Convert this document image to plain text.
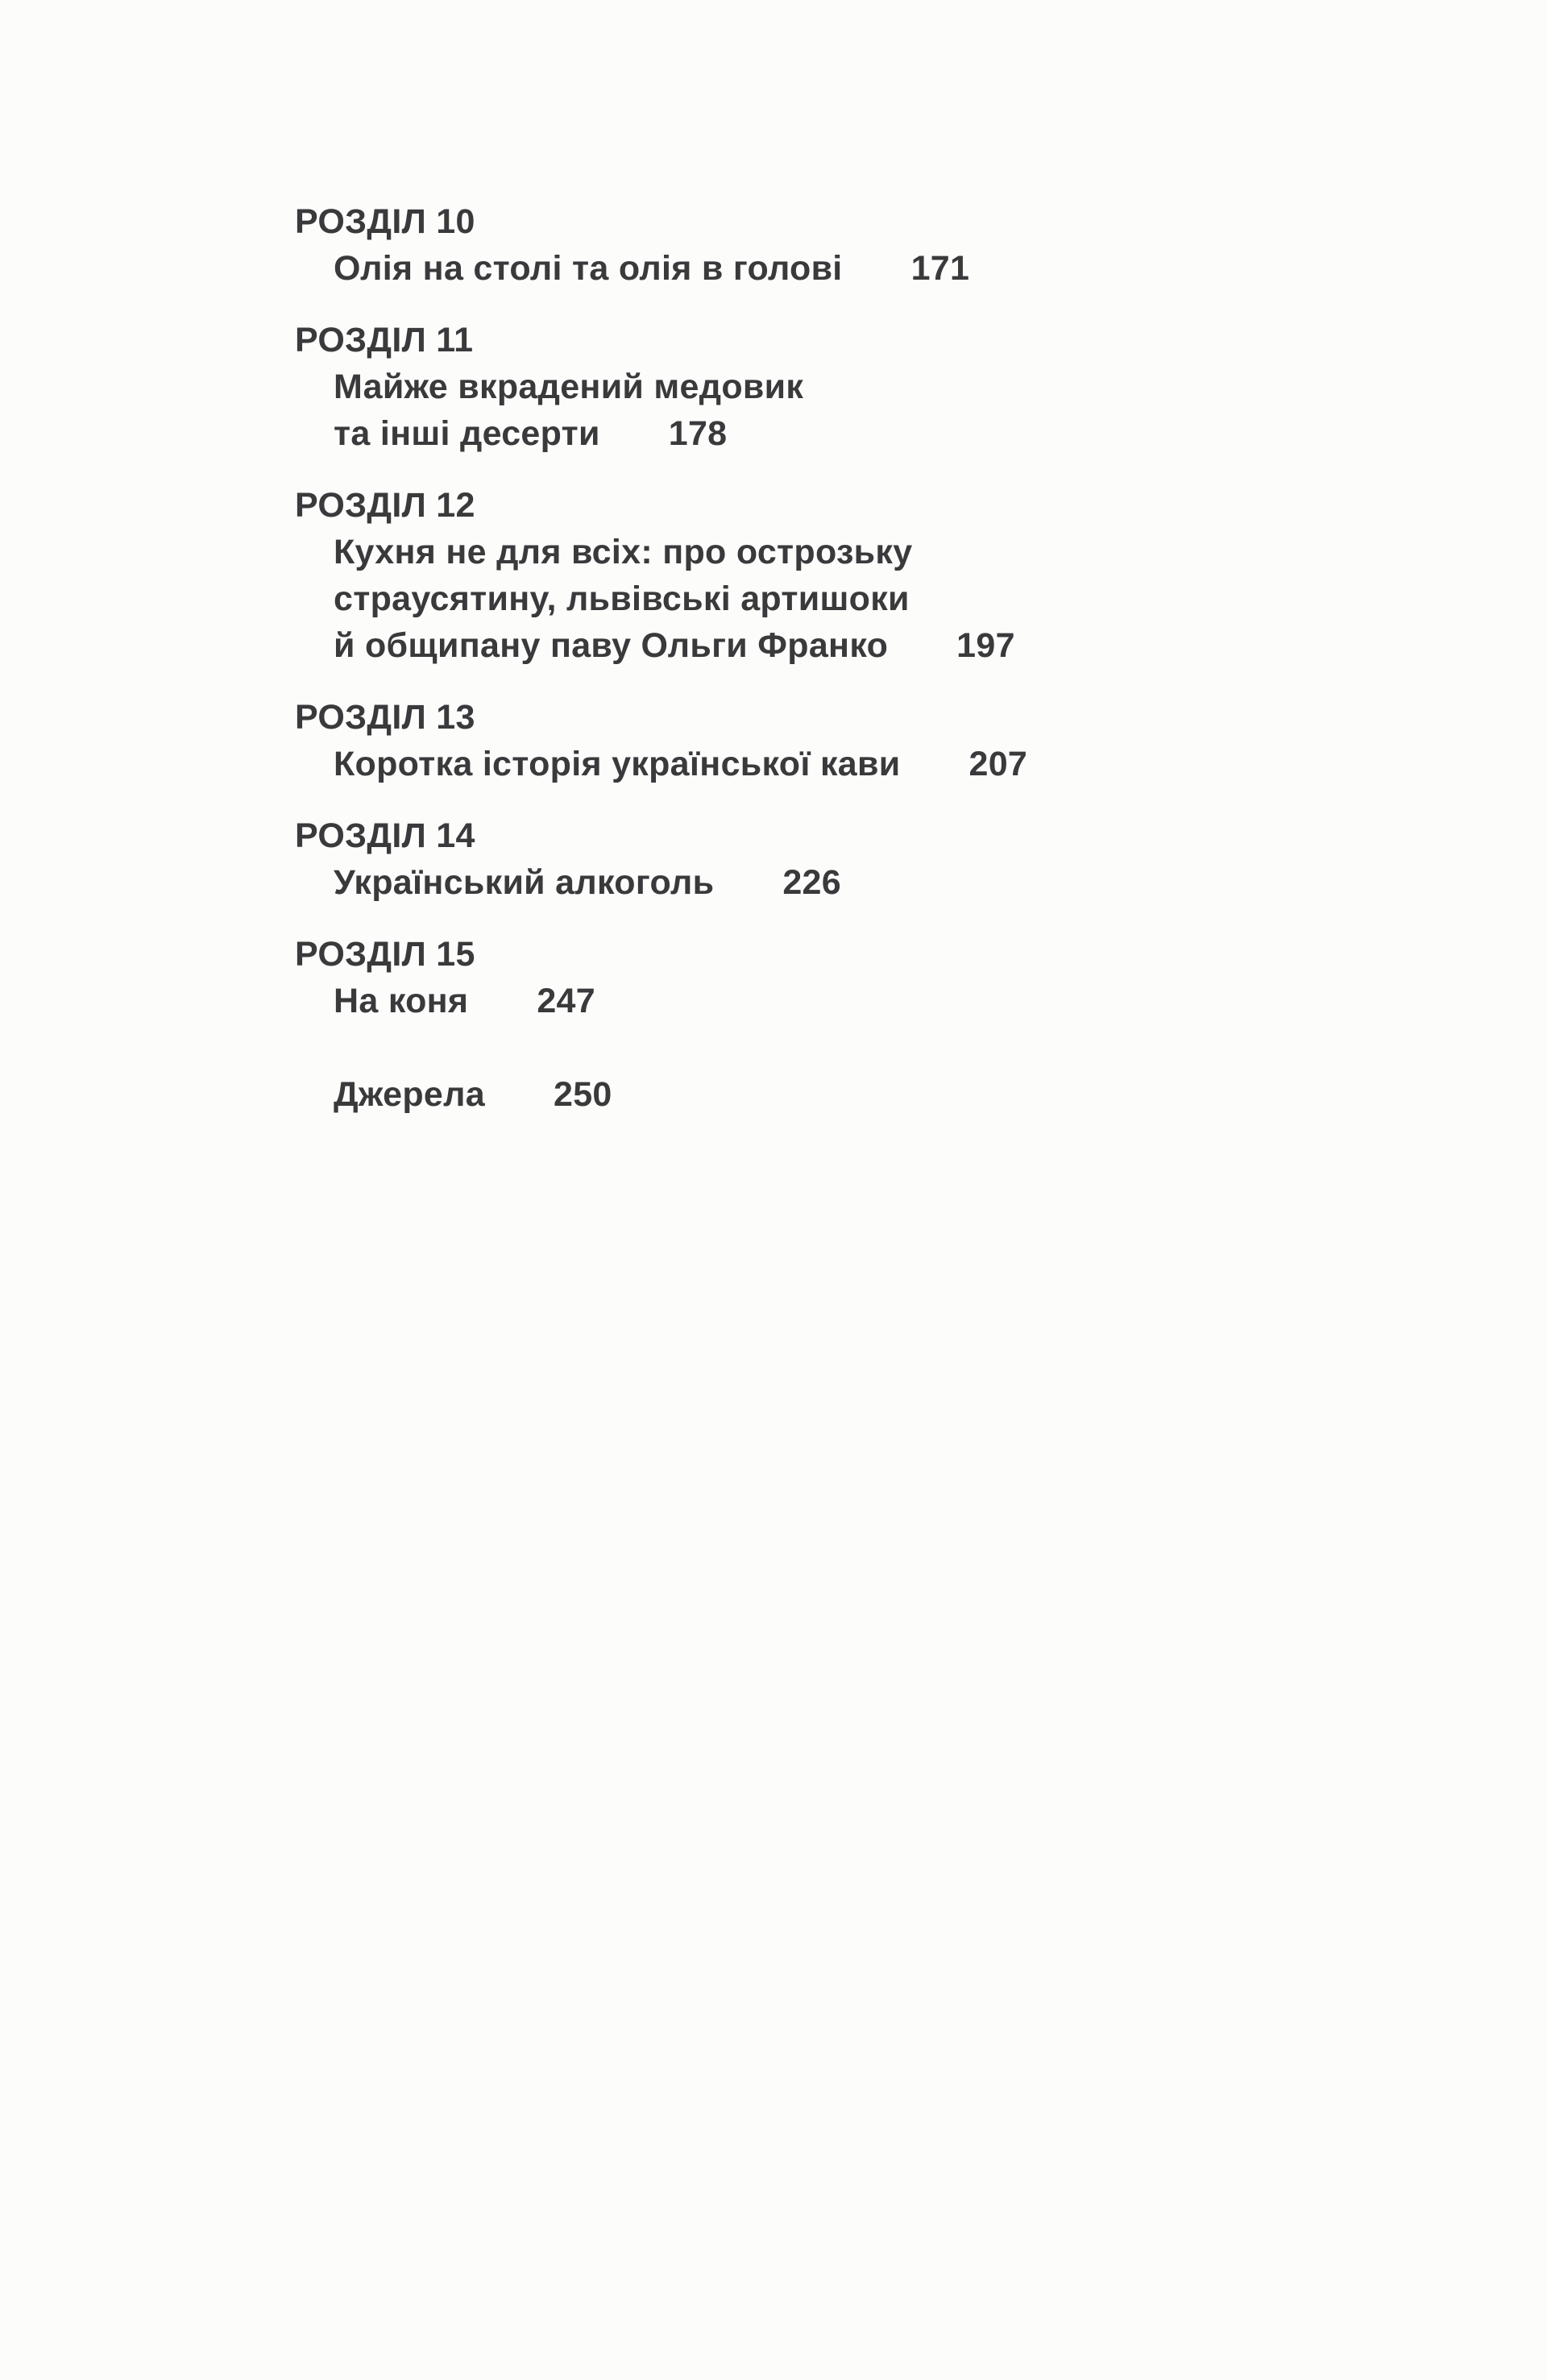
РОЗДІЛ 10
Олія на столі та олія в голові 171
РОЗДІЛ 11
Майже вкрадений медовик
та інші десерти 178
РОЗДІЛ 12
Кухня не для всіх: про острозьку
страусятину, львівські артишоки
й общипану паву Ольги Франко 197
РОЗДІЛ 13
Коротка історія української кави 207
РОЗДІЛ 14
Український алкоголь 226
РОЗДІЛ 15
На коня 247
Джерела 250
